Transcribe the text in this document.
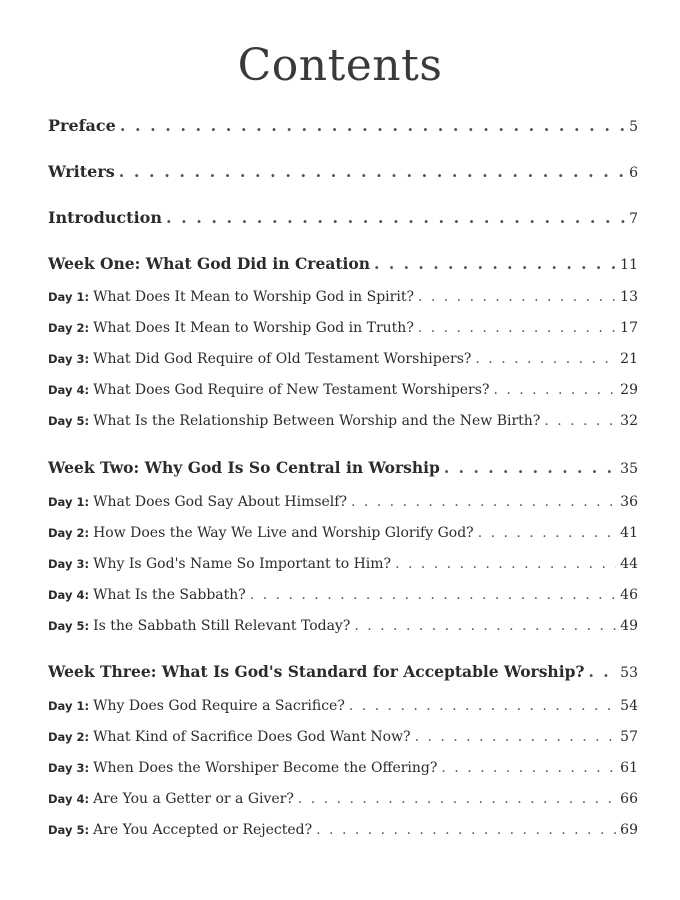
Contents
Preface . . .	5
Writers . . .	6
Introduction . . .	7
Week One: What God Did in Creation . . .	11
Day 1: What Does It Mean to Worship God in Spirit? . . .	13
Day 2: What Does It Mean to Worship God in Truth? . . .	17
Day 3: What Did God Require of Old Testament Worshipers? . . .	21
Day 4: What Does God Require of New Testament Worshipers? . . .	29
Day 5: What Is the Relationship Between Worship and the New Birth? . . .	32
Week Two: Why God Is So Central in Worship . . .	35
Day 1: What Does God Say About Himself? . . .	36
Day 2: How Does the Way We Live and Worship Glorify God? . . .	41
Day 3: Why Is God's Name So Important to Him? . . .	44
Day 4: What Is the Sabbath? . . .	46
Day 5: Is the Sabbath Still Relevant Today? . . .	49
Week Three: What Is God's Standard for Acceptable Worship? . . .	53
Day 1: Why Does God Require a Sacrifice? . . .	54
Day 2: What Kind of Sacrifice Does God Want Now? . . .	57
Day 3: When Does the Worshiper Become the Offering? . . .	61
Day 4: Are You a Getter or a Giver? . . .	66
Day 5: Are You Accepted or Rejected? . . .	69
